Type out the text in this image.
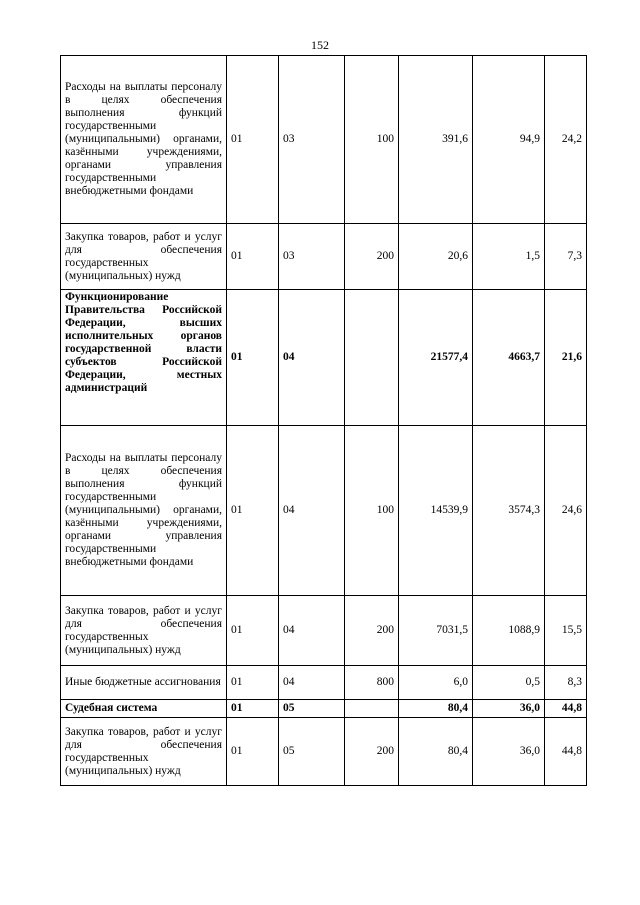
152
Расходы на выплаты персоналу в целях обеспечения выполнения функций государственными (муниципальными) органами, казёнными учреждениями, органами управления государственными внебюджетными фондами	01	03	100	391,6	94,9	24,2
Закупка товаров, работ и услуг для обеспечения государственных (муниципальных) нужд	01	03	200	20,6	1,5	7,3
Функционирование Правительства Российской Федерации, высших исполнительных органов государственной власти субъектов Российской Федерации, местных администраций	01	04		21577,4	4663,7	21,6
Расходы на выплаты персоналу в целях обеспечения выполнения функций государственными (муниципальными) органами, казёнными учреждениями, органами управления государственными внебюджетными фондами	01	04	100	14539,9	3574,3	24,6
Закупка товаров, работ и услуг для обеспечения государственных (муниципальных) нужд	01	04	200	7031,5	1088,9	15,5
Иные бюджетные ассигнования	01	04	800	6,0	0,5	8,3
Судебная система	01	05		80,4	36,0	44,8
Закупка товаров, работ и услуг для обеспечения государственных (муниципальных) нужд	01	05	200	80,4	36,0	44,8
